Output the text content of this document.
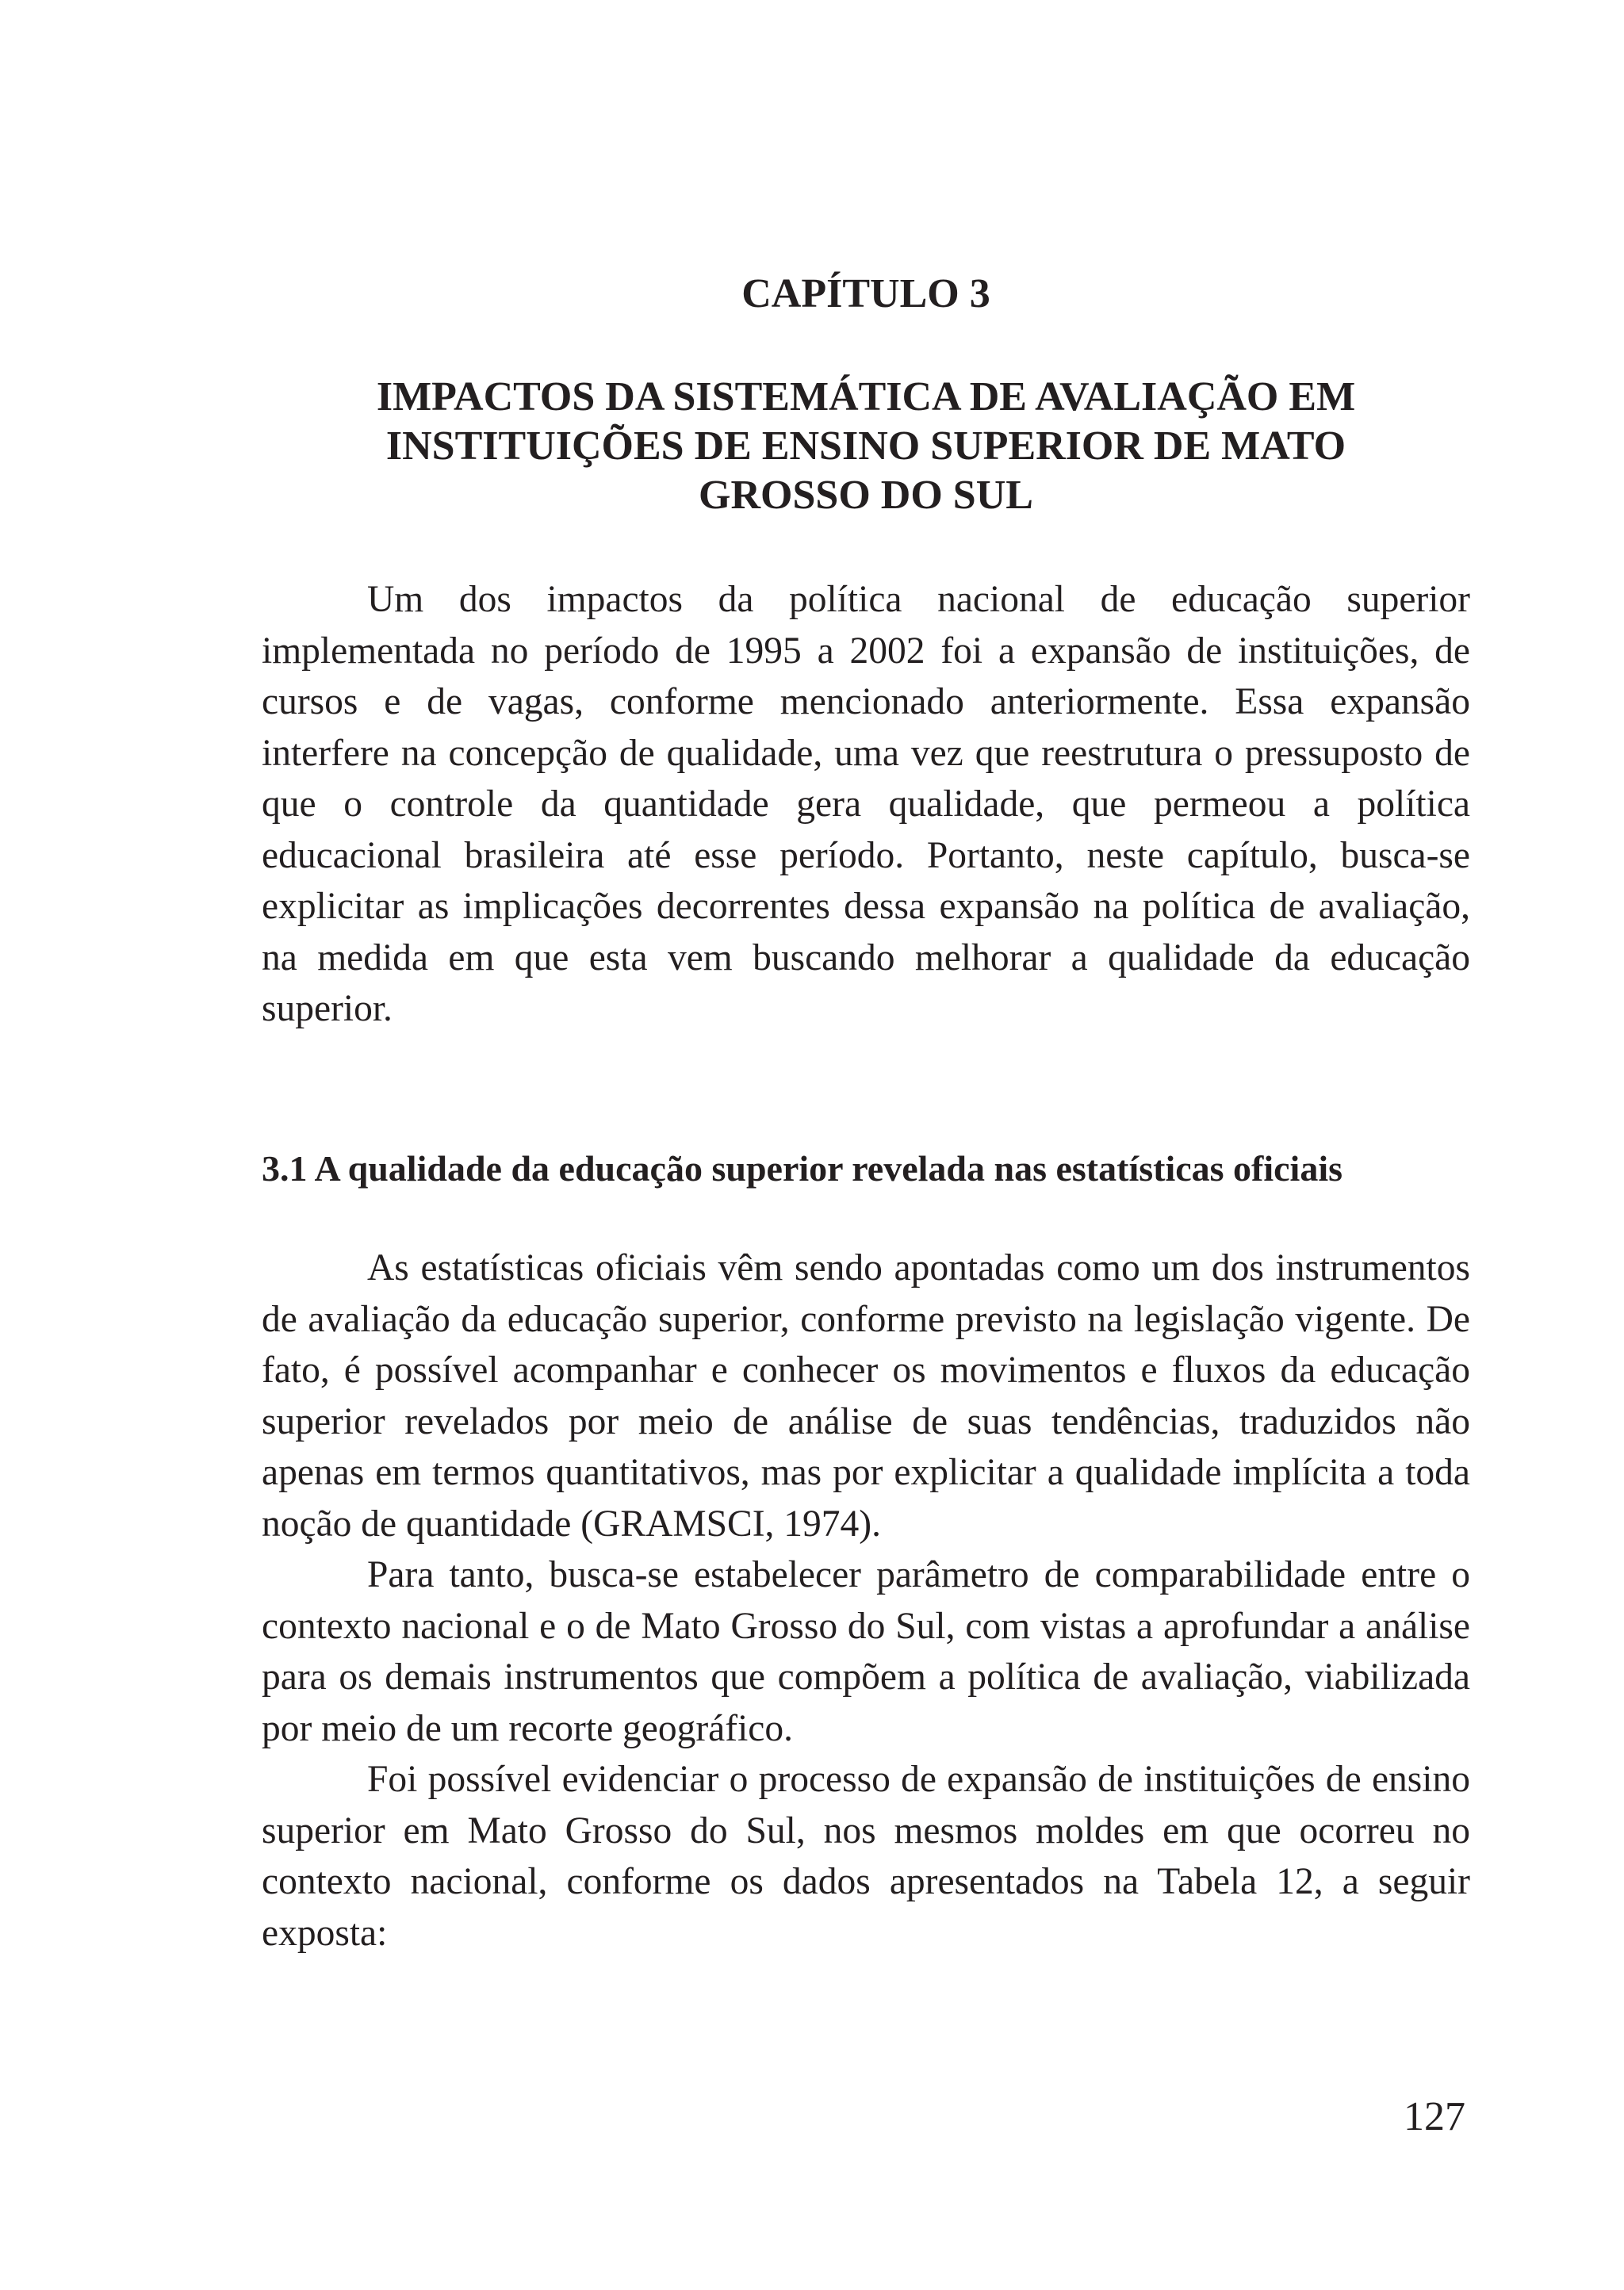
CAPÍTULO 3
IMPACTOS DA SISTEMÁTICA DE AVALIAÇÃO EM
INSTITUIÇÕES DE ENSINO SUPERIOR DE MATO
GROSSO DO SUL

Um dos impactos da política nacional de educação superior implementada no período de 1995 a 2002 foi a expansão de instituições, de cursos e de vagas, conforme mencionado anteriormente. Essa expansão interfere na concepção de qualidade, uma vez que reestrutura o pressuposto de que o controle da quantidade gera qualidade, que permeou a política educacional brasileira até esse período. Portanto, neste capítulo, busca-se explicitar as implicações decorrentes dessa expansão na política de avaliação, na medida em que esta vem buscando melhorar a qualidade da educação superior.

3.1 A qualidade da educação superior revelada nas estatísticas oficiais

As estatísticas oficiais vêm sendo apontadas como um dos instrumentos de avaliação da educação superior, conforme previsto na legislação vigente. De fato, é possível acompanhar e conhecer os movimentos e fluxos da educação superior revelados por meio de análise de suas tendências, traduzidos não apenas em termos quantitativos, mas por explicitar a qualidade implícita a toda noção de quantidade (GRAMSCI, 1974).

Para tanto, busca-se estabelecer parâmetro de comparabilidade entre o contexto nacional e o de Mato Grosso do Sul, com vistas a aprofundar a análise para os demais instrumentos que compõem a política de avaliação, viabilizada por meio de um recorte geográfico.

Foi possível evidenciar o processo de expansão de instituições de ensino superior em Mato Grosso do Sul, nos mesmos moldes em que ocorreu no contexto nacional, conforme os dados apresentados na Tabela 12, a seguir exposta:

127
